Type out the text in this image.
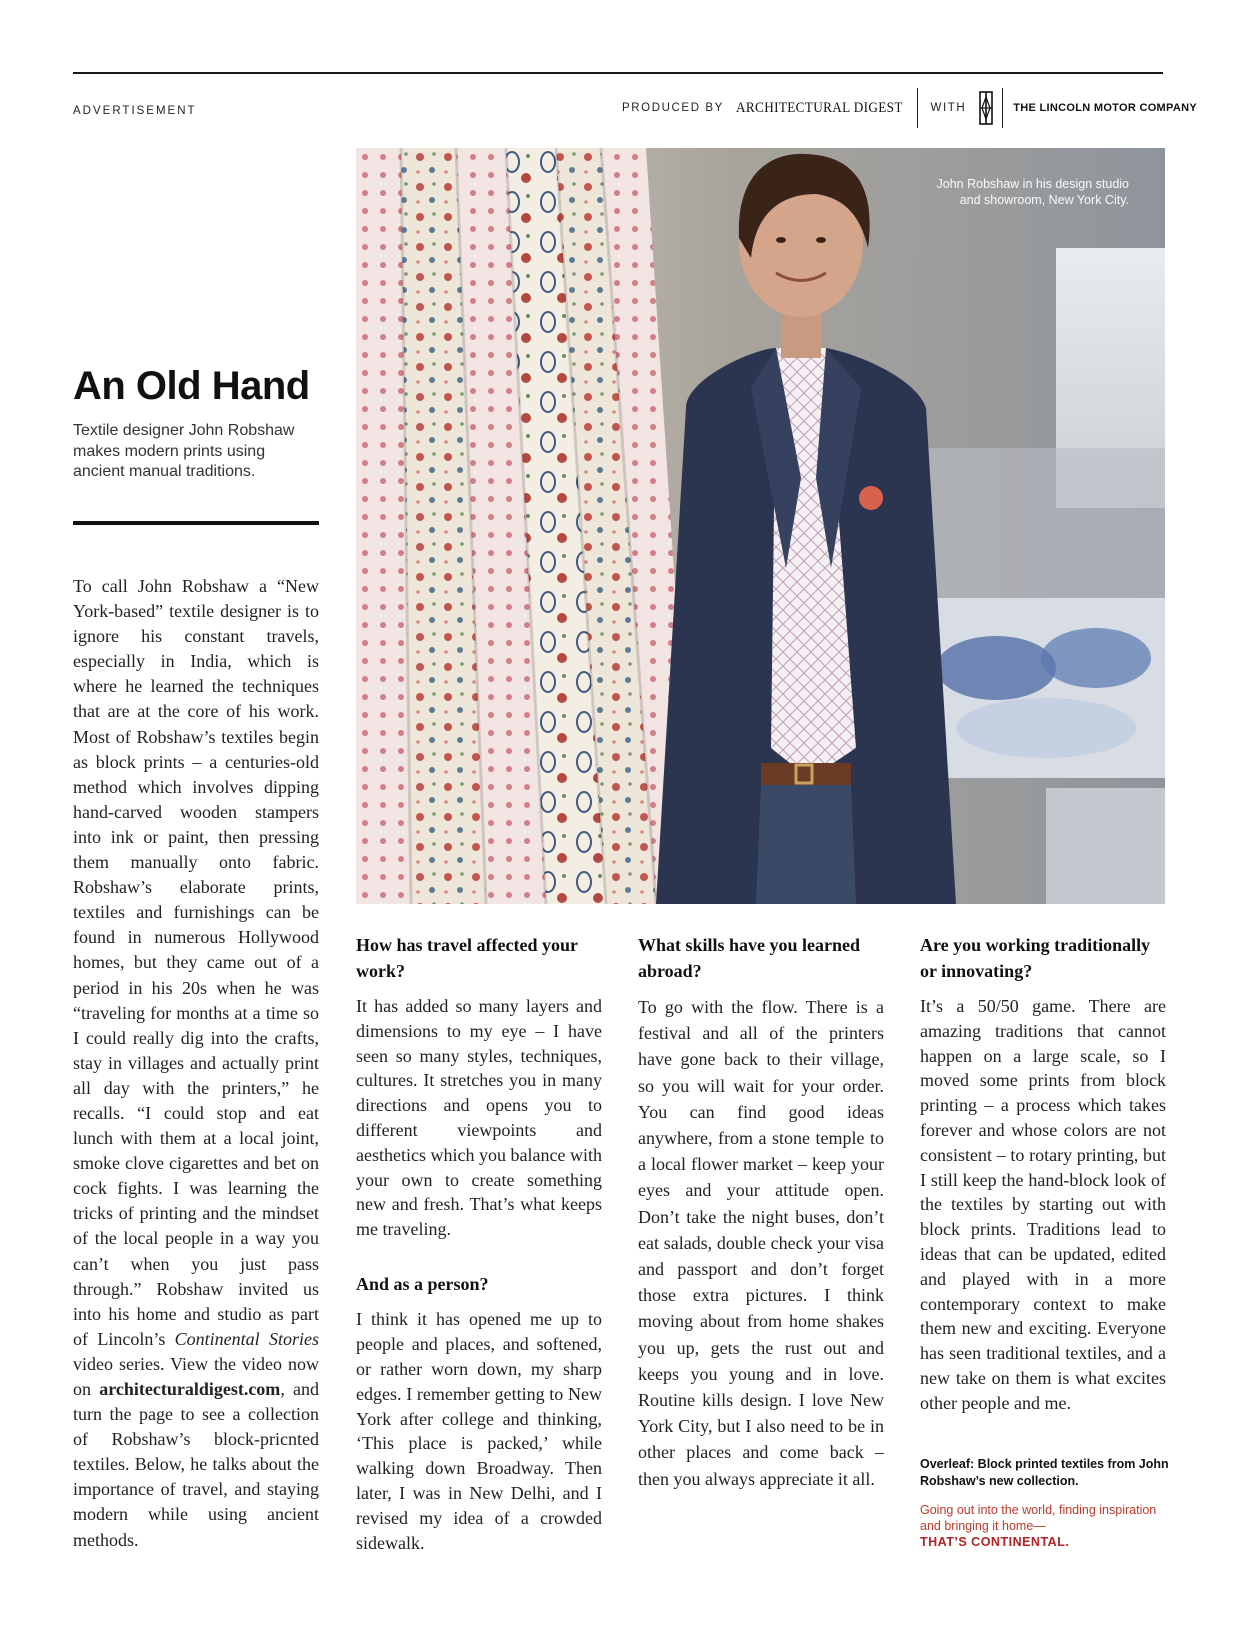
ADVERTISEMENT	PRODUCED BY ARCHITECTURAL DIGEST WITH	THE LINCOLN MOTOR COMPANY
John Robshaw in his design studio
and showroom, New York City.
An Old Hand
Textile designer John Robshaw makes modern prints using ancient manual traditions.
To call John Robshaw a “New York-based” textile designer is to ignore his constant travels, especially in India, which is where he learned the techniques that are at the core of his work. Most of Robshaw’s textiles begin as block prints – a centuries-old method which involves dipping hand-carved wooden stampers into ink or paint, then pressing them manually onto fabric. Robshaw’s elaborate prints, textiles and furnishings can be found in numerous Hollywood homes, but they came out of a period in his 20s when he was “traveling for months at a time so I could really dig into the crafts, stay in villages and actually print all day with the printers,” he recalls. “I could stop and eat lunch with them at a local joint, smoke clove cigarettes and bet on cock fights. I was learning the tricks of printing and the mindset of the local people in a way you can’t when you just pass through.” Robshaw invited us into his home and studio as part of Lincoln’s Continental Stories video series. View the video now on architecturaldigest.com, and turn the page to see a collection of Robshaw’s block-pricnted textiles. Below, he talks about the importance of travel, and staying modern while using ancient methods.

How has travel affected your work?

It has added so many layers and dimensions to my eye – I have seen so many styles, techniques, cultures. It stretches you in many directions and opens you to different viewpoints and aesthetics which you balance with your own to create something new and fresh. That’s what keeps me traveling.

And as a person?

I think it has opened me up to people and places, and softened, or rather worn down, my sharp edges. I remember getting to New York after college and thinking, ‘This place is packed,’ while walking down Broadway. Then later, I was in New Delhi, and I revised my idea of a crowded sidewalk.

What skills have you learned abroad?

To go with the flow. There is a festival and all of the printers have gone back to their village, so you will wait for your order. You can find good ideas anywhere, from a stone temple to a local flower market – keep your eyes and your attitude open. Don’t take the night buses, don’t eat salads, double check your visa and passport and don’t forget those extra pictures. I think moving about from home shakes you up, gets the rust out and keeps you young and in love. Routine kills design. I love New York City, but I also need to be in other places and come back – then you always appreciate it all.

Are you working traditionally or innovating?

It’s a 50/50 game. There are amazing traditions that cannot happen on a large scale, so I moved some prints from block printing – a process which takes forever and whose colors are not consistent – to rotary printing, but I still keep the hand-block look of the textiles by starting out with block prints. Traditions lead to ideas that can be updated, edited and played with in a more contemporary context to make them new and exciting. Everyone has seen traditional textiles, and a new take on them is what excites other people and me.

Overleaf: Block printed textiles from John Robshaw’s new collection.
Going out into the world, finding inspiration and bringing it home—
THAT’S CONTINENTAL.
